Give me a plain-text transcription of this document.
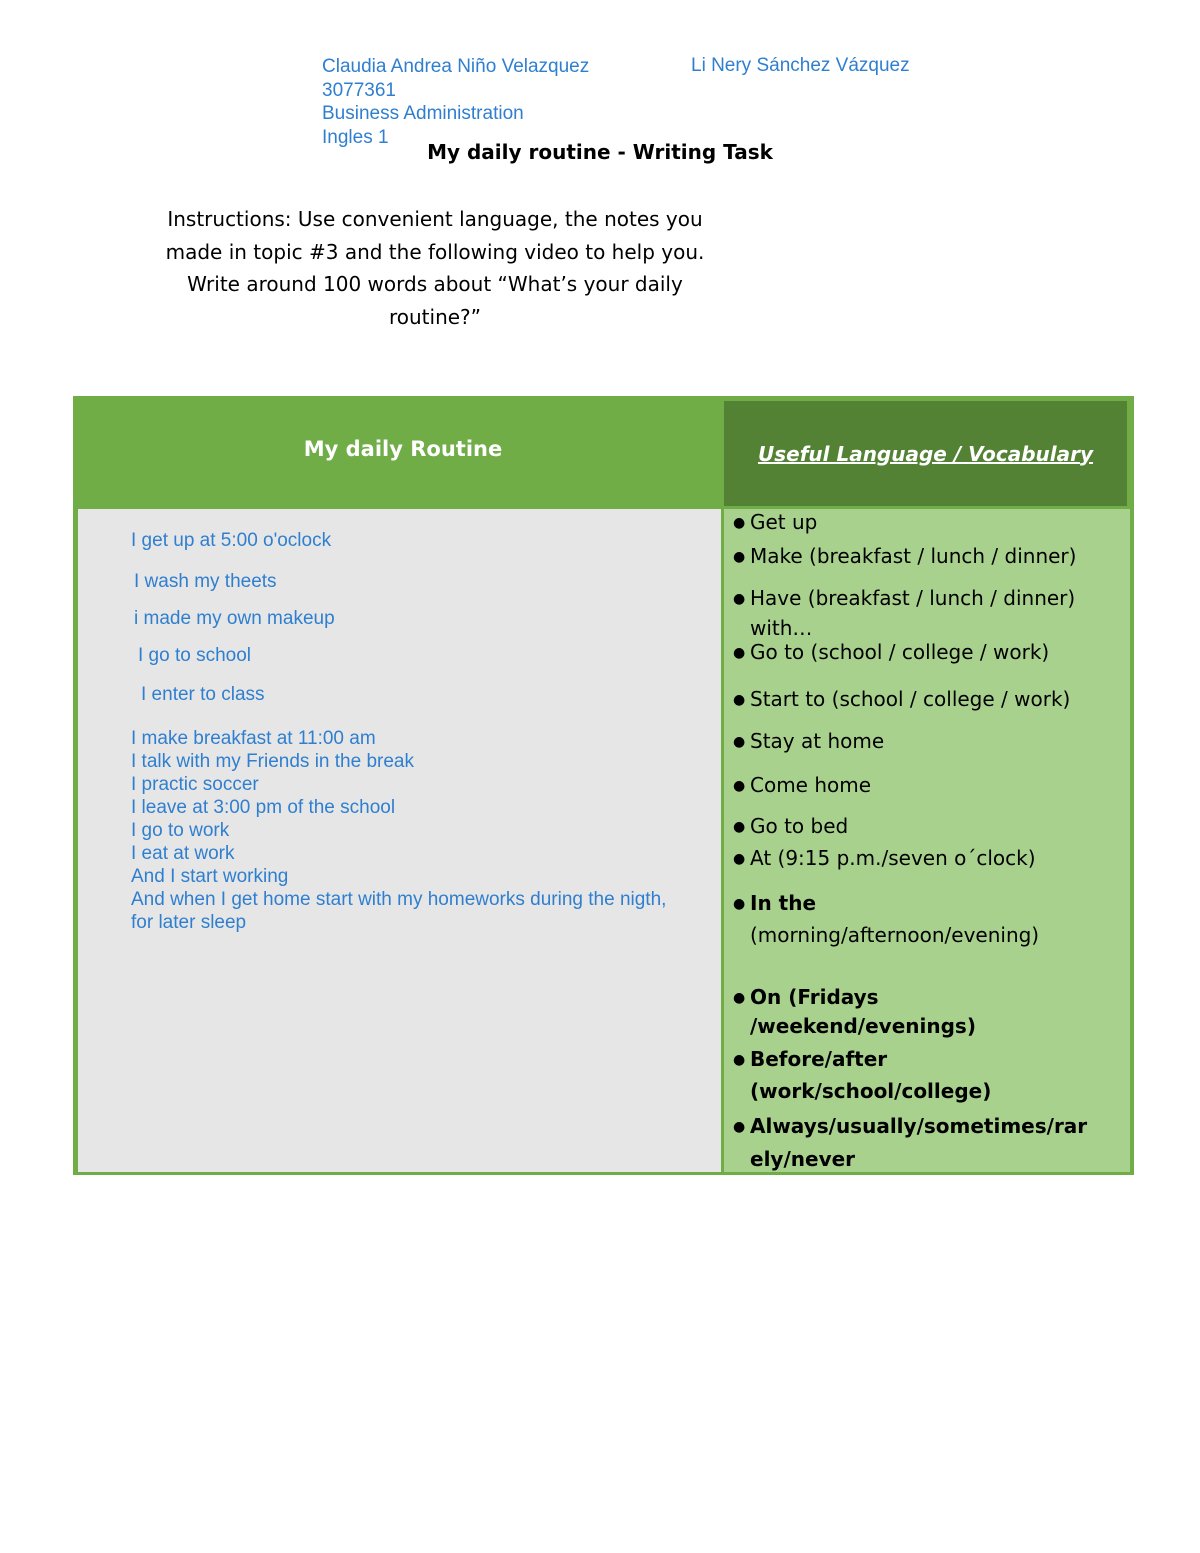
Claudia Andrea Niño Velazquez
3077361
Business Administration
Ingles 1
Li Nery Sánchez Vázquez
My daily routine - Writing Task
Instructions: Use convenient language, the notes you made in topic #3 and the following video to help you. Write around 100 words about “What’s your daily routine?”
My daily Routine	Useful Language / Vocabulary
I get up at 5:00 o'oclock
I wash my theets
i made my own makeup
I go to school
I enter to class
I make breakfast at 11:00 am
I talk with my Friends in the break
I practic soccer
I leave at 3:00 pm of the school
I go to work
I eat at work
And I start working
And when I get home start with my homeworks during the nigth, for later sleep
● Get up
● Make (breakfast / lunch / dinner)
● Have (breakfast / lunch / dinner)
with…
● Go to (school / college / work)
● Start to (school / college / work)
● Stay at home
● Come home
● Go to bed
● At (9:15 p.m./seven o´clock)
● In the
(morning/afternoon/evening)
● On (Fridays
/weekend/evenings)
● Before/after
(work/school/college)
● Always/usually/sometimes/rar
ely/never
